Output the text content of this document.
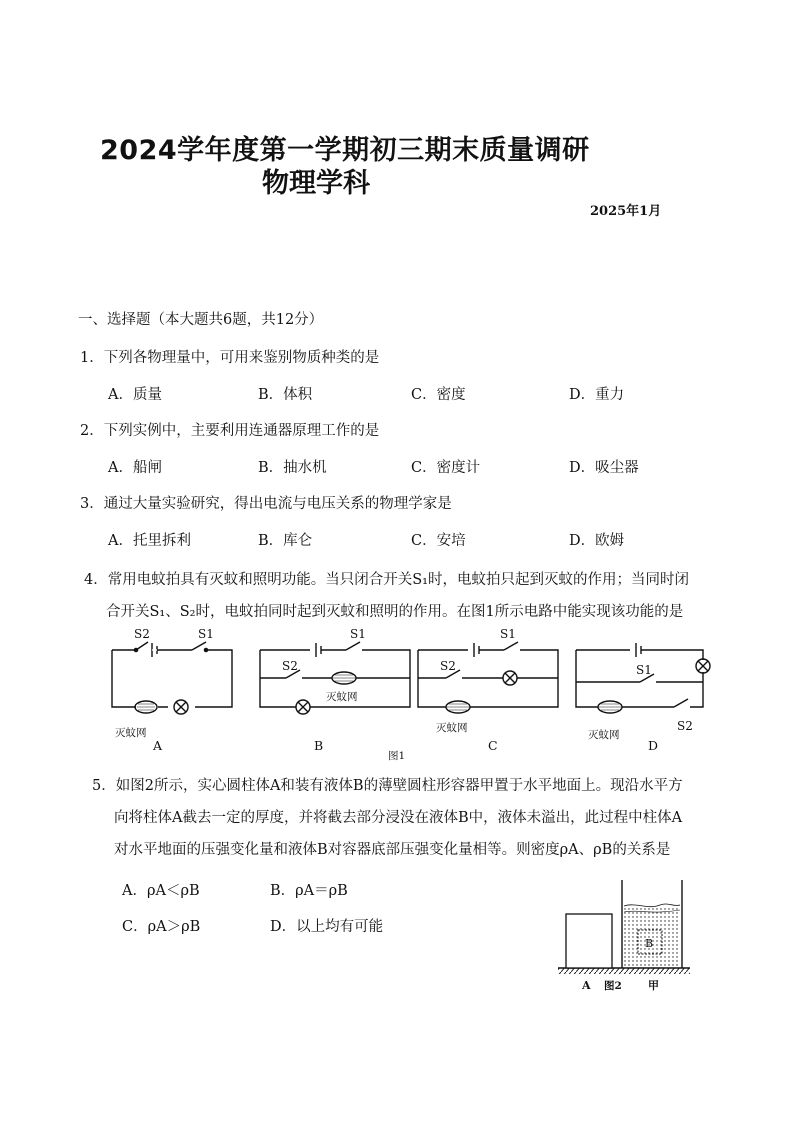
2024学年度第一学期初三期末质量调研
物理学科
2025年1月
一、选择题（本大题共6题，共12分）
1．下列各物理量中，可用来鉴别物质种类的是
A．质量	B．体积	C．密度	D．重力
2．下列实例中，主要利用连通器原理工作的是
A．船闸	B．抽水机	C．密度计	D．吸尘器
3．通过大量实验研究，得出电流与电压关系的物理学家是
A．托里拆利	B．库仑	C．安培	D．欧姆
4．常用电蚊拍具有灭蚊和照明功能。当只闭合开关S₁时，电蚊拍只起到灭蚊的作用；当同时闭
合开关S₁、S₂时，电蚊拍同时起到灭蚊和照明的作用。在图1所示电路中能实现该功能的是
S2	S1	S1
S2
S1
S2	S1
S2
灭蚊网
灭蚊网
灭蚊网
灭蚊网
A	B	C	D
图1
5．如图2所示，实心圆柱体A和装有液体B的薄壁圆柱形容器甲置于水平地面上。现沿水平方
向将柱体A截去一定的厚度，并将截去部分浸没在液体B中，液体未溢出，此过程中柱体A
对水平地面的压强变化量和液体B对容器底部压强变化量相等。则密度ρA、ρB的关系是
A．ρA＜ρB	B．ρA＝ρB
C．ρA＞ρB	D．以上均有可能
B
A 图2 甲
